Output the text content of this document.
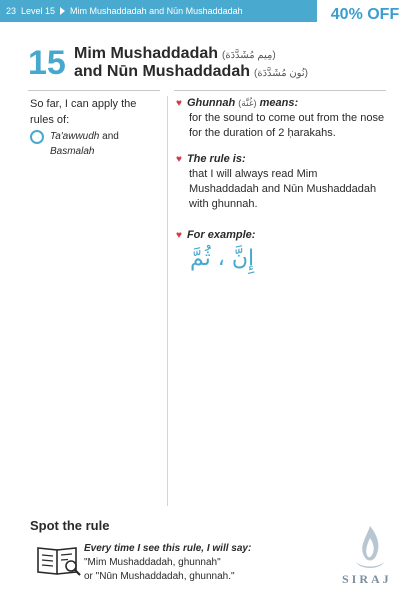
23 Level 15 Mim Mushaddadah and Nūn Mushaddadah	40% OFF
15 Mim Mushaddadah (مِيم مُشَدَّدَة)
and Nūn Mushaddadah (نُون مُشَدَّدَة)
So far, I can apply the rules of:
Ta'awwudh and
Basmalah
♥ Ghunnah (غُنَّة) means:
for the sound to come out from the nose for the duration of 2 ḥarakahs.
♥ The rule is:
that I will always read Mim Mushaddadah and Nūn Mushaddadah with ghunnah.
♥ For example:
إِنَّ ، ثُمَّ
Spot the rule
Every time I see this rule, I will say:
"Mim Mushaddadah, ghunnah"
or "Nūn Mushaddadah, ghunnah."	SIRAJ
